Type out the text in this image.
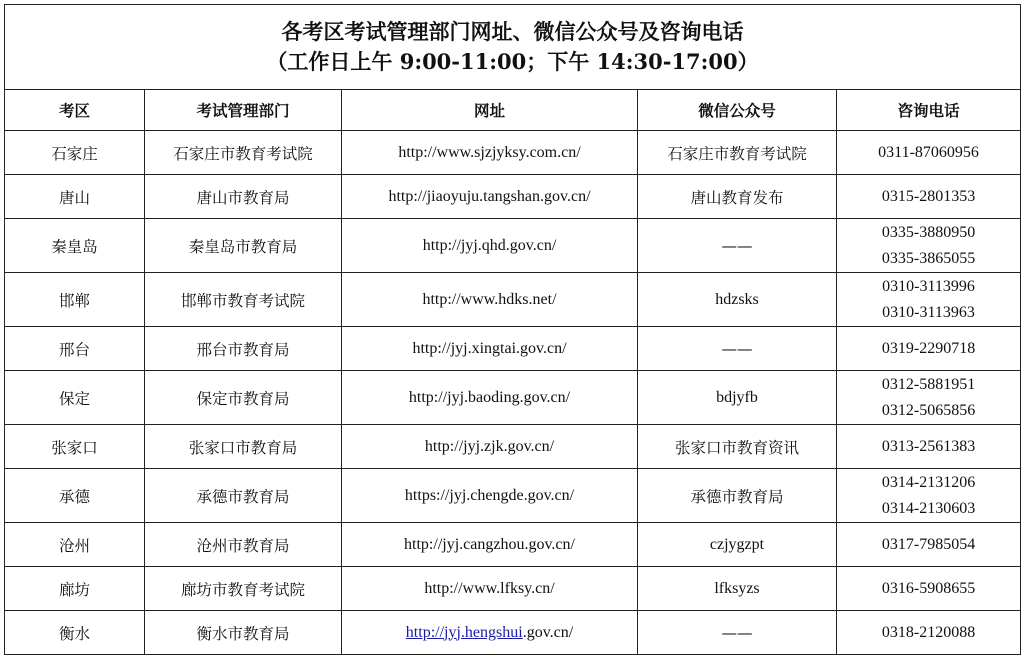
各考区考试管理部门网址、微信公众号及咨询电话
（工作日上午 9:00-11:00；下午 14:30-17:00）				

考区	考试管理部门	网址	微信公众号	咨询电话
石家庄	石家庄市教育考试院	http://www.sjzjyksy.com.cn/	石家庄市教育考试院	0311-87060956

唐山	唐山市教育局	http://jiaoyuju.tangshan.gov.cn/	唐山教育发布	0315-2801353

秦皇岛	秦皇岛市教育局	http://jyj.qhd.gov.cn/	——	0335-3880950
0335-3865055

邯郸	邯郸市教育考试院	http://www.hdks.net/	hdzsks	0310-3113996
0310-3113963

邢台	邢台市教育局	http://jyj.xingtai.gov.cn/	——	0319-2290718

保定	保定市教育局	http://jyj.baoding.gov.cn/	bdjyfb	0312-5881951
0312-5065856

张家口	张家口市教育局	http://jyj.zjk.gov.cn/	张家口市教育资讯	0313-2561383

承德	承德市教育局	https://jyj.chengde.gov.cn/	承德市教育局	0314-2131206
0314-2130603

沧州	沧州市教育局	http://jyj.cangzhou.gov.cn/	czjygzpt	0317-7985054

廊坊	廊坊市教育考试院	http://www.lfksy.cn/	lfksyzs	0316-5908655

衡水	衡水市教育局	http://jyj.hengshui.gov.cn/	——	0318-2120088
